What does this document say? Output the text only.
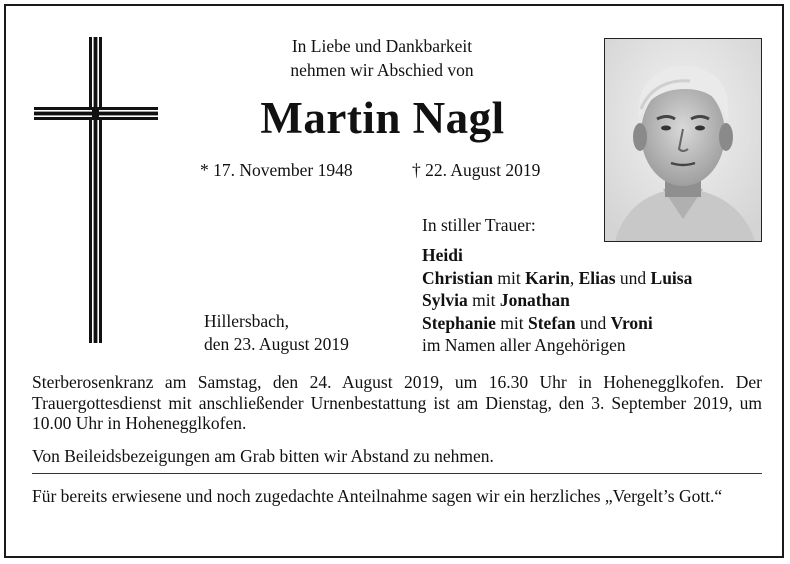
In Liebe und Dankbarkeit
nehmen wir Abschied von
Martin Nagl
* 17. November 1948	† 22. August 2019
In stiller Trauer:
Heidi
Christian mit Karin, Elias und Luisa
Sylvia mit Jonathan
Stephanie mit Stefan und Vroni
im Namen aller Angehörigen
Hillersbach,
den 23. August 2019
Sterberosenkranz am Samstag, den 24. August 2019, um 16.30 Uhr in Hohenegglkofen. Der Trauergottesdienst mit anschließender Urnenbestattung ist am Dienstag, den 3. September 2019, um 10.00 Uhr in Hohenegglkofen.
Von Beileidsbezeigungen am Grab bitten wir Abstand zu nehmen.
Für bereits erwiesene und noch zugedachte Anteilnahme sagen wir ein herzliches „Vergelt’s Gott.“
